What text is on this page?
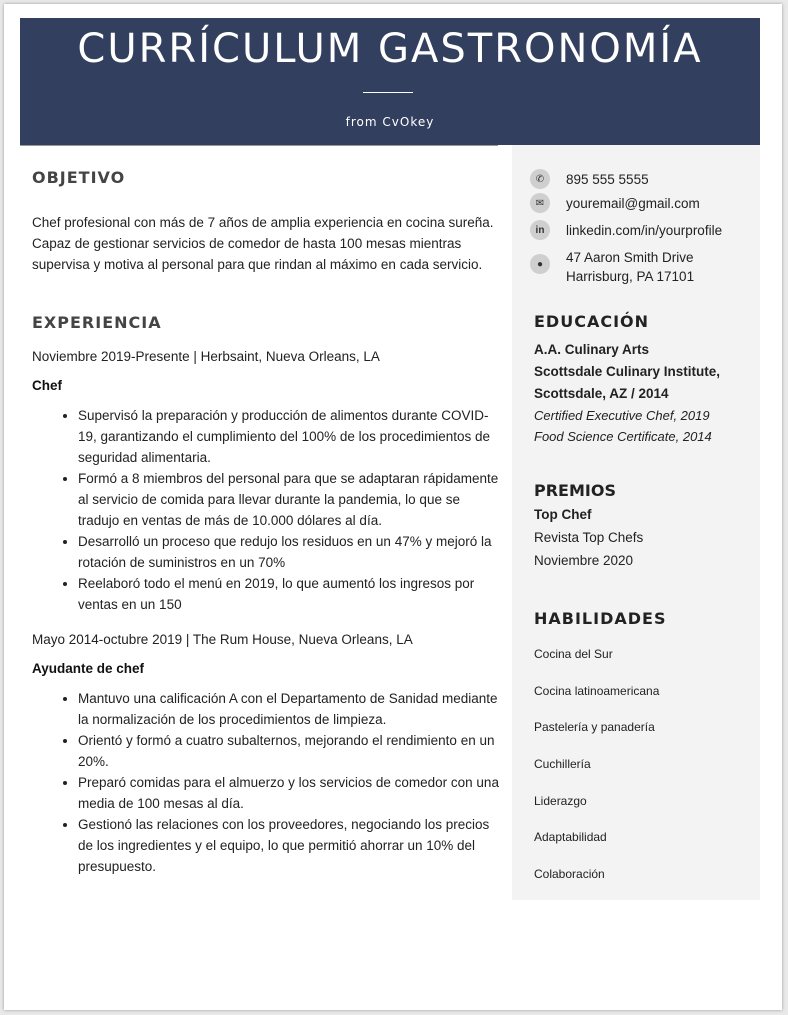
CURRÍCULUM GASTRONOMÍA
from CvOkey
OBJETIVO

Chef profesional con más de 7 años de amplia experiencia en cocina sureña. Capaz de gestionar servicios de comedor de hasta 100 mesas mientras supervisa y motiva al personal para que rindan al máximo en cada servicio.

EXPERIENCIA
Noviembre 2019-Presente | Herbsaint, Nueva Orleans, LA
Chef
• Supervisó la preparación y producción de alimentos durante COVID-19, garantizando el cumplimiento del 100% de los procedimientos de seguridad alimentaria.
• Formó a 8 miembros del personal para que se adaptaran rápidamente al servicio de comida para llevar durante la pandemia, lo que se tradujo en ventas de más de 10.000 dólares al día.
• Desarrolló un proceso que redujo los residuos en un 47% y mejoró la rotación de suministros en un 70%
• Reelaboró todo el menú en 2019, lo que aumentó los ingresos por ventas en un 150
Mayo 2014-octubre 2019 | The Rum House, Nueva Orleans, LA
Ayudante de chef
• Mantuvo una calificación A con el Departamento de Sanidad mediante la normalización de los procedimientos de limpieza.
• Orientó y formó a cuatro subalternos, mejorando el rendimiento en un 20%.
• Preparó comidas para el almuerzo y los servicios de comedor con una media de 100 mesas al día.
• Gestionó las relaciones con los proveedores, negociando los precios de los ingredientes y el equipo, lo que permitió ahorrar un 10% del presupuesto.
✆	895 555 5555
✉	youremail@gmail.com
in	linkedin.com/in/yourprofile
●	47 Aaron Smith Drive
Harrisburg, PA 17101
EDUCACIÓN
A.A. Culinary Arts
Scottsdale Culinary Institute,
Scottsdale, AZ / 2014
Certified Executive Chef, 2019
Food Science Certificate, 2014
PREMIOS
Top Chef
Revista Top Chefs
Noviembre 2020
HABILIDADES
Cocina del Sur
Cocina latinoamericana
Pastelería y panadería
Cuchillería
Liderazgo
Adaptabilidad
Colaboración
